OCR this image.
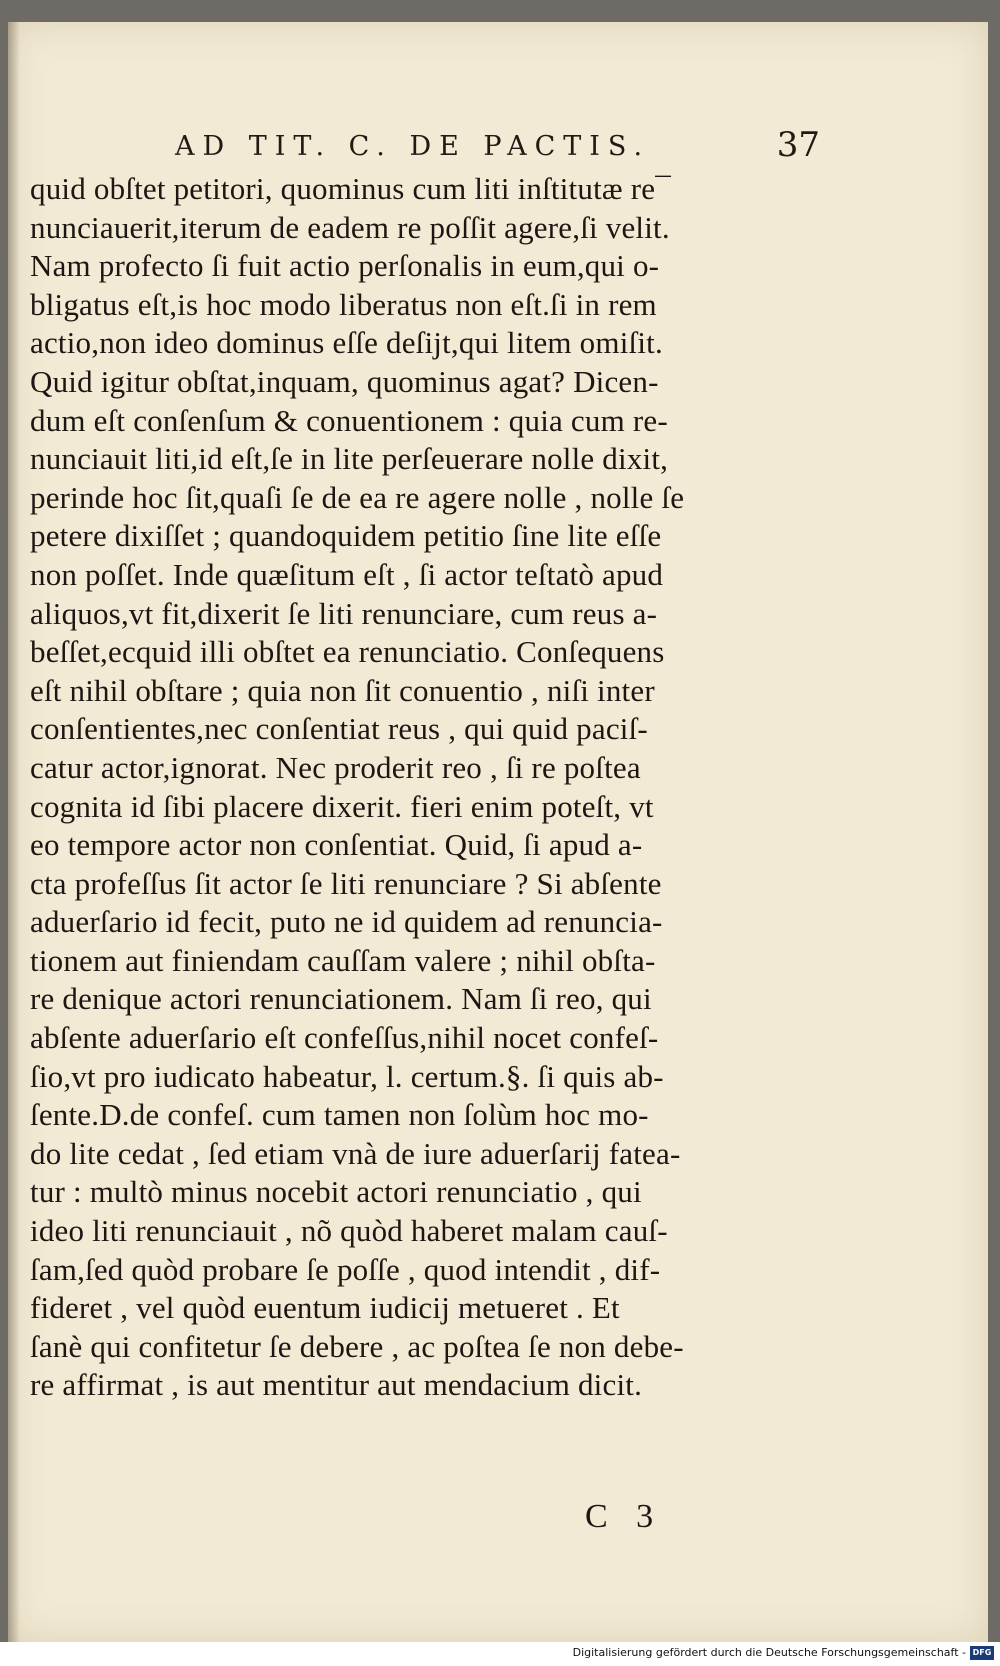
AD TIT. C. DE PACTIS.	37
quid obſtet petitori, quominus cum liti inſtitutæ re¯
nunciauerit,iterum de eadem re poſſit agere,ſi velit.
Nam profecto ſi fuit actio perſonalis in eum,qui o-
bligatus eſt,is hoc modo liberatus non eſt.ſi in rem
actio,non ideo dominus eſſe deſijt,qui litem omiſit.
Quid igitur obſtat,inquam, quominus agat? Dicen-
dum eſt conſenſum & conuentionem : quia cum re-
nunciauit liti,id eſt,ſe in lite perſeuerare nolle dixit,
perinde hoc ſit,quaſi ſe de ea re agere nolle , nolle ſe
petere dixiſſet ; quandoquidem petitio ſine lite eſſe
non poſſet. Inde quæſitum eſt , ſi actor teſtatò apud
aliquos,vt fit,dixerit ſe liti renunciare, cum reus a-
beſſet,ecquid illi obſtet ea renunciatio. Conſequens
eſt nihil obſtare ; quia non ſit conuentio , niſi inter
conſentientes,nec conſentiat reus , qui quid paciſ-
catur actor,ignorat. Nec proderit reo , ſi re poſtea
cognita id ſibi placere dixerit. fieri enim poteſt, vt
eo tempore actor non conſentiat. Quid, ſi apud a-
cta profeſſus ſit actor ſe liti renunciare ? Si abſente
aduerſario id fecit, puto ne id quidem ad renuncia-
tionem aut finiendam cauſſam valere ; nihil obſta-
re denique actori renunciationem. Nam ſi reo, qui
abſente aduerſario eſt confeſſus,nihil nocet confeſ-
ſio,vt pro iudicato habeatur, l. certum.§. ſi quis ab-
ſente.D.de confeſ. cum tamen non ſolùm hoc mo-
do lite cedat , ſed etiam vnà de iure aduerſarij fatea-
tur : multò minus nocebit actori renunciatio , qui
ideo liti renunciauit , nõ quòd haberet malam cauſ-
ſam,ſed quòd probare ſe poſſe , quod intendit , dif-
fideret , vel quòd euentum iudicij metueret . Et
ſanè qui confitetur ſe debere , ac poſtea ſe non debe-
re affirmat , is aut mentitur aut mendacium dicit.
C 3
Digitalisierung gefördert durch die Deutsche Forschungsgemeinschaft - DFG
